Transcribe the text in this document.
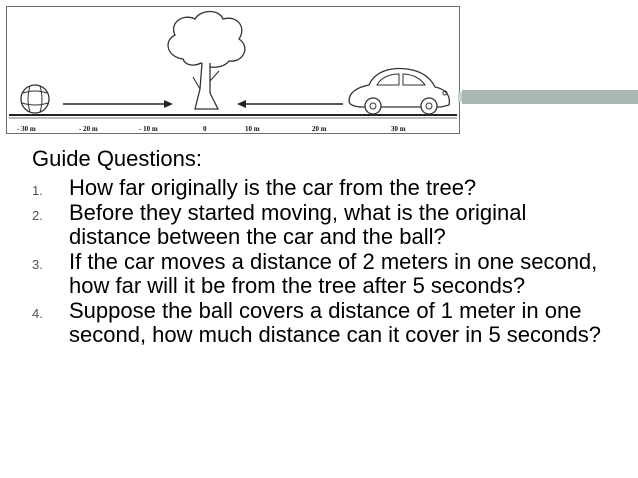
- 30 m	- 20 m	- 10 m	0	10 m	20 m	30 m
Guide Questions:
1.	How far originally is the car from the tree?
2.	Before they started moving, what is the original distance between the car and the ball?
3.	If the car moves a distance of 2 meters in one second, how far will it be from the tree after 5 seconds?
4.	Suppose the ball covers a distance of 1 meter in one second, how much distance can it cover in 5 seconds?
